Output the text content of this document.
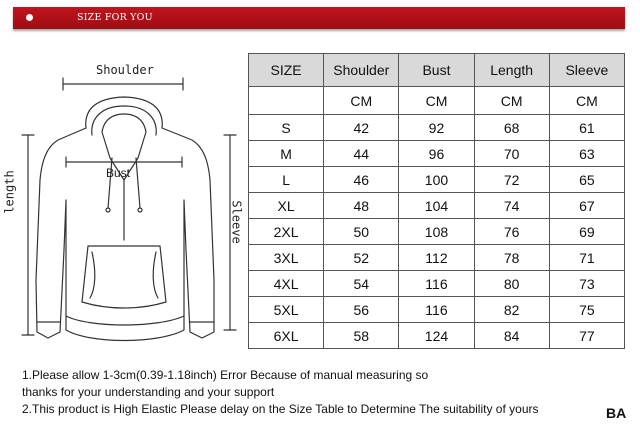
SIZE FOR YOU
Shoulder
length	Bust
Sleeve
SIZE	Shoulder	Bust	Length	Sleeve
	CM	CM	CM	CM
S	42	92	68	61
M	44	96	70	63
L	46	100	72	65
XL	48	104	74	67
2XL	50	108	76	69
3XL	52	112	78	71
4XL	54	116	80	73
5XL	56	116	82	75
6XL	58	124	84	77
1.Please allow 1-3cm(0.39-1.18inch) Error Because of manual measuring so
thanks for your understanding and your support
2.This product is High Elastic Please delay on the Size Table to Determine The suitability of yours	BA
